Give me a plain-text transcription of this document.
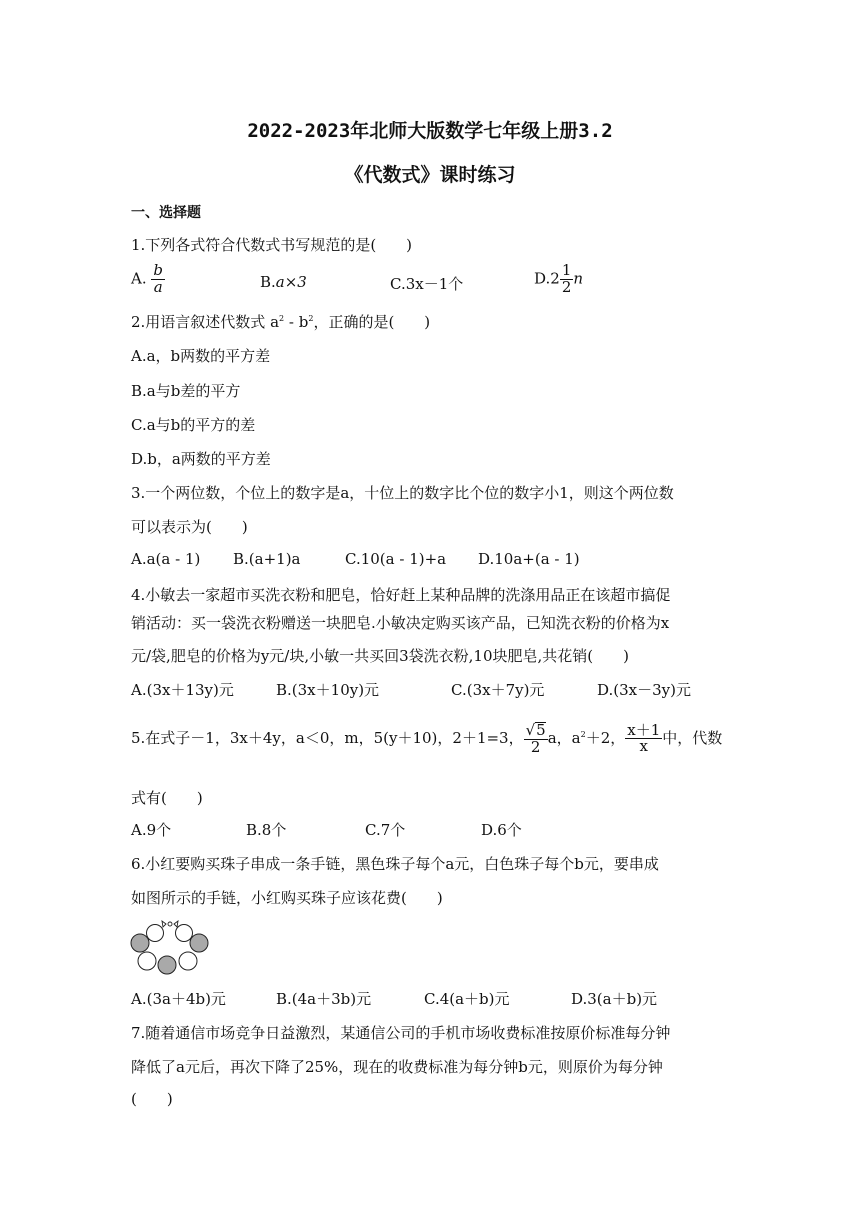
2022-2023年北师大版数学七年级上册3.2
《代数式》课时练习
一、选择题
1.下列各式符合代数式书写规范的是(　　)
A. $\frac{b}{a}$	B.a×3	C.3x－1个	$D.2 \frac{1}{2}$ n
2.用语言叙述代数式 $a^2 - b^2$，正确的是(　　)
A.a，b两数的平方差
B.a与b差的平方
C.a与b的平方的差
D.b，a两数的平方差
3.一个两位数，个位上的数字是a，十位上的数字比个位的数字小1，则这个两位数
可以表示为(　　)
A.a(a - 1) B.(a+1)a	C.10(a - 1)+a D.10a+(a - 1)
4.小敏去一家超市买洗衣粉和肥皂，恰好赶上某种品牌的洗涤用品正在该超市搞促
销活动：买一袋洗衣粉赠送一块肥皂.小敏决定购买该产品，已知洗衣粉的价格为x
元/袋,肥皂的价格为y元/块,小敏一共买回3袋洗衣粉,10块肥皂,共花销(　　)
A.(3x＋13y)元	B.(3x＋10y)元	C.(3x＋7y)元	D.(3x－3y)元
5.在式子－1，3x＋4y，a＜0，m，5(y＋10)，2＋1=3， $\frac{√5}{2}$ a，$a^2+2$， $\frac{x+1}{x}$ 中，代数
式有(　　)
A.9个	B.8个	C.7个	D.6个
6.小红要购买珠子串成一条手链，黑色珠子每个a元，白色珠子每个b元，要串成
如图所示的手链，小红购买珠子应该花费(　　)
A.(3a＋4b)元	B.(4a＋3b)元	C.4(a＋b)元	D.3(a＋b)元
7.随着通信市场竞争日益激烈，某通信公司的手机市场收费标准按原价标准每分钟
降低了a元后，再次下降了25%，现在的收费标准为每分钟b元，则原价为每分钟
(　　)
